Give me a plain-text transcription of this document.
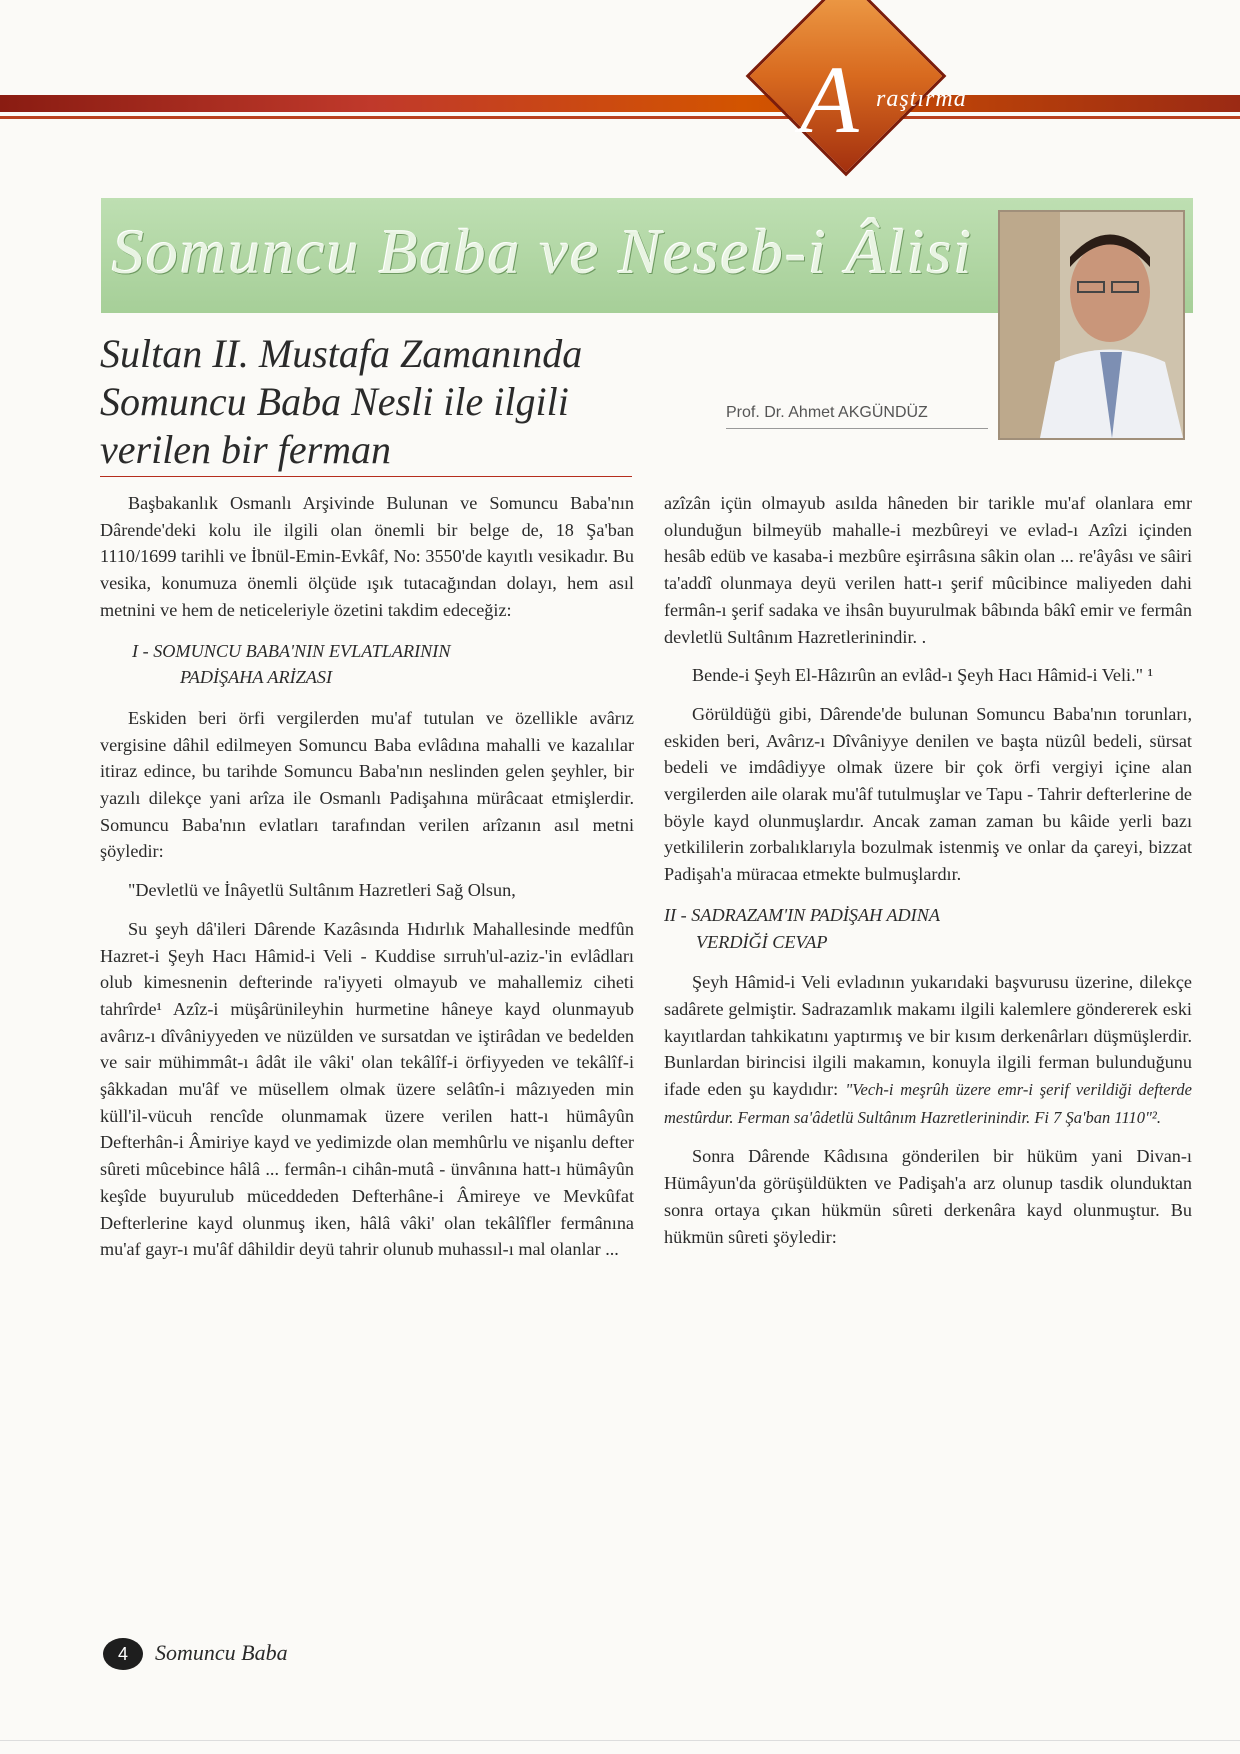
A raştırma
Somuncu Baba ve Neseb-i Âlisi
Prof. Dr. Ahmet AKGÜNDÜZ
Sultan II. Mustafa Zamanında Somuncu Baba Nesli ile ilgili verilen bir ferman

Başbakanlık Osmanlı Arşivinde Bulunan ve Somuncu Baba'nın Dârende'deki kolu ile ilgili olan önemli bir belge de, 18 Şa'ban 1110/1699 tarihli ve İbnül-Emin-Evkâf, No: 3550'de kayıtlı vesikadır. Bu vesika, konumuza önemli ölçüde ışık tutacağından dolayı, hem asıl metnini ve hem de neticeleriyle özetini takdim edeceğiz:

I - SOMUNCU BABA'NIN EVLATLARININ
PADİŞAHA ARİZASI

Eskiden beri örfi vergilerden mu'af tutulan ve özellikle avârız vergisine dâhil edilmeyen Somuncu Baba evlâdına mahalli ve kazalılar itiraz edince, bu tarihde Somuncu Baba'nın neslinden gelen şeyhler, bir yazılı dilekçe yani arîza ile Osmanlı Padişahına mürâcaat etmişlerdir. Somuncu Baba'nın evlatları tarafından verilen arîzanın asıl metni şöyledir:

"Devletlü ve İnâyetlü Sultânım Hazretleri Sağ Olsun,

Su şeyh dâ'ileri Dârende Kazâsında Hıdırlık Mahallesinde medfûn Hazret-i Şeyh Hacı Hâmid-i Veli - Kuddise sırruh'ul-aziz-'in evlâdları olub kimesnenin defterinde ra'iyyeti olmayub ve mahallemiz ciheti tahrîrde¹ Azîz-i müşârünileyhin hurmetine hâneye kayd olunmayub avârız-ı dîvâniyyeden ve nüzülden ve sursatdan ve iştirâdan ve bedelden ve sair mühimmât-ı âdât ile vâki' olan tekâlîf-i örfiyyeden ve tekâlîf-i şâkkadan mu'âf ve müsellem olmak üzere selâtîn-i mâzıyeden min küll'il-vücuh rencîde olunmamak üzere verilen hatt-ı hümâyûn Defterhân-i Âmiriye kayd ve yedimizde olan memhûrlu ve nişanlu defter sûreti mûcebince hâlâ ... fermân-ı cihân-mutâ - ünvânına hatt-ı hümâyûn keşîde buyurulub müceddeden Defterhâne-i Âmireye ve Mevkûfat Defterlerine kayd olunmuş iken, hâlâ vâki' olan tekâlîfler fermânına mu'af gayr-ı mu'âf dâhildir deyü tahrir olunub muhassıl-ı mal olanlar ...

azîzân içün olmayub asılda hâneden bir tarikle mu'af olanlara emr olunduğun bilmeyüb mahalle-i mezbûreyi ve evlad-ı Azîzi içinden hesâb edüb ve kasaba-i mezbûre eşirrâsına sâkin olan ... re'âyâsı ve sâiri ta'addî olunmaya deyü verilen hatt-ı şerif mûcibince maliyeden dahi fermân-ı şerif sadaka ve ihsân buyurulmak bâbında bâkî emir ve fermân devletlü Sultânım Hazretlerinindir. .

Bende-i Şeyh El-Hâzırûn an evlâd-ı Şeyh Hacı Hâmid-i Veli." ¹

Görüldüğü gibi, Dârende'de bulunan Somuncu Baba'nın torunları, eskiden beri, Avârız-ı Dîvâniyye denilen ve başta nüzûl bedeli, sürsat bedeli ve imdâdiyye olmak üzere bir çok örfi vergiyi içine alan vergilerden aile olarak mu'âf tutulmuşlar ve Tapu - Tahrir defterlerine de böyle kayd olunmuşlardır. Ancak zaman zaman bu kâide yerli bazı yetkililerin zorbalıklarıyla bozulmak istenmiş ve onlar da çareyi, bizzat Padişah'a müracaa etmekte bulmuşlardır.

II - SADRAZAM'IN PADİŞAH ADINA
VERDİĞİ CEVAP

Şeyh Hâmid-i Veli evladının yukarıdaki başvurusu üzerine, dilekçe sadârete gelmiştir. Sadrazamlık makamı ilgili kalemlere göndererek eski kayıtlardan tahkikatını yaptırmış ve bir kısım derkenârları düşmüşlerdir. Bunlardan birincisi ilgili makamın, konuyla ilgili ferman bulunduğunu ifade eden şu kaydıdır: "Vech-i meşrûh üzere emr-i şerif verildiği defterde mestûrdur. Ferman sa'âdetlü Sultânım Hazretlerinindir. Fi 7 Şa'ban 1110"².

Sonra Dârende Kâdısına gönderilen bir hüküm yani Divan-ı Hümâyun'da görüşüldükten ve Padişah'a arz olunup tasdik olunduktan sonra ortaya çıkan hükmün sûreti derkenâra kayd olunmuştur. Bu hükmün sûreti şöyledir:

4	Somuncu Baba
